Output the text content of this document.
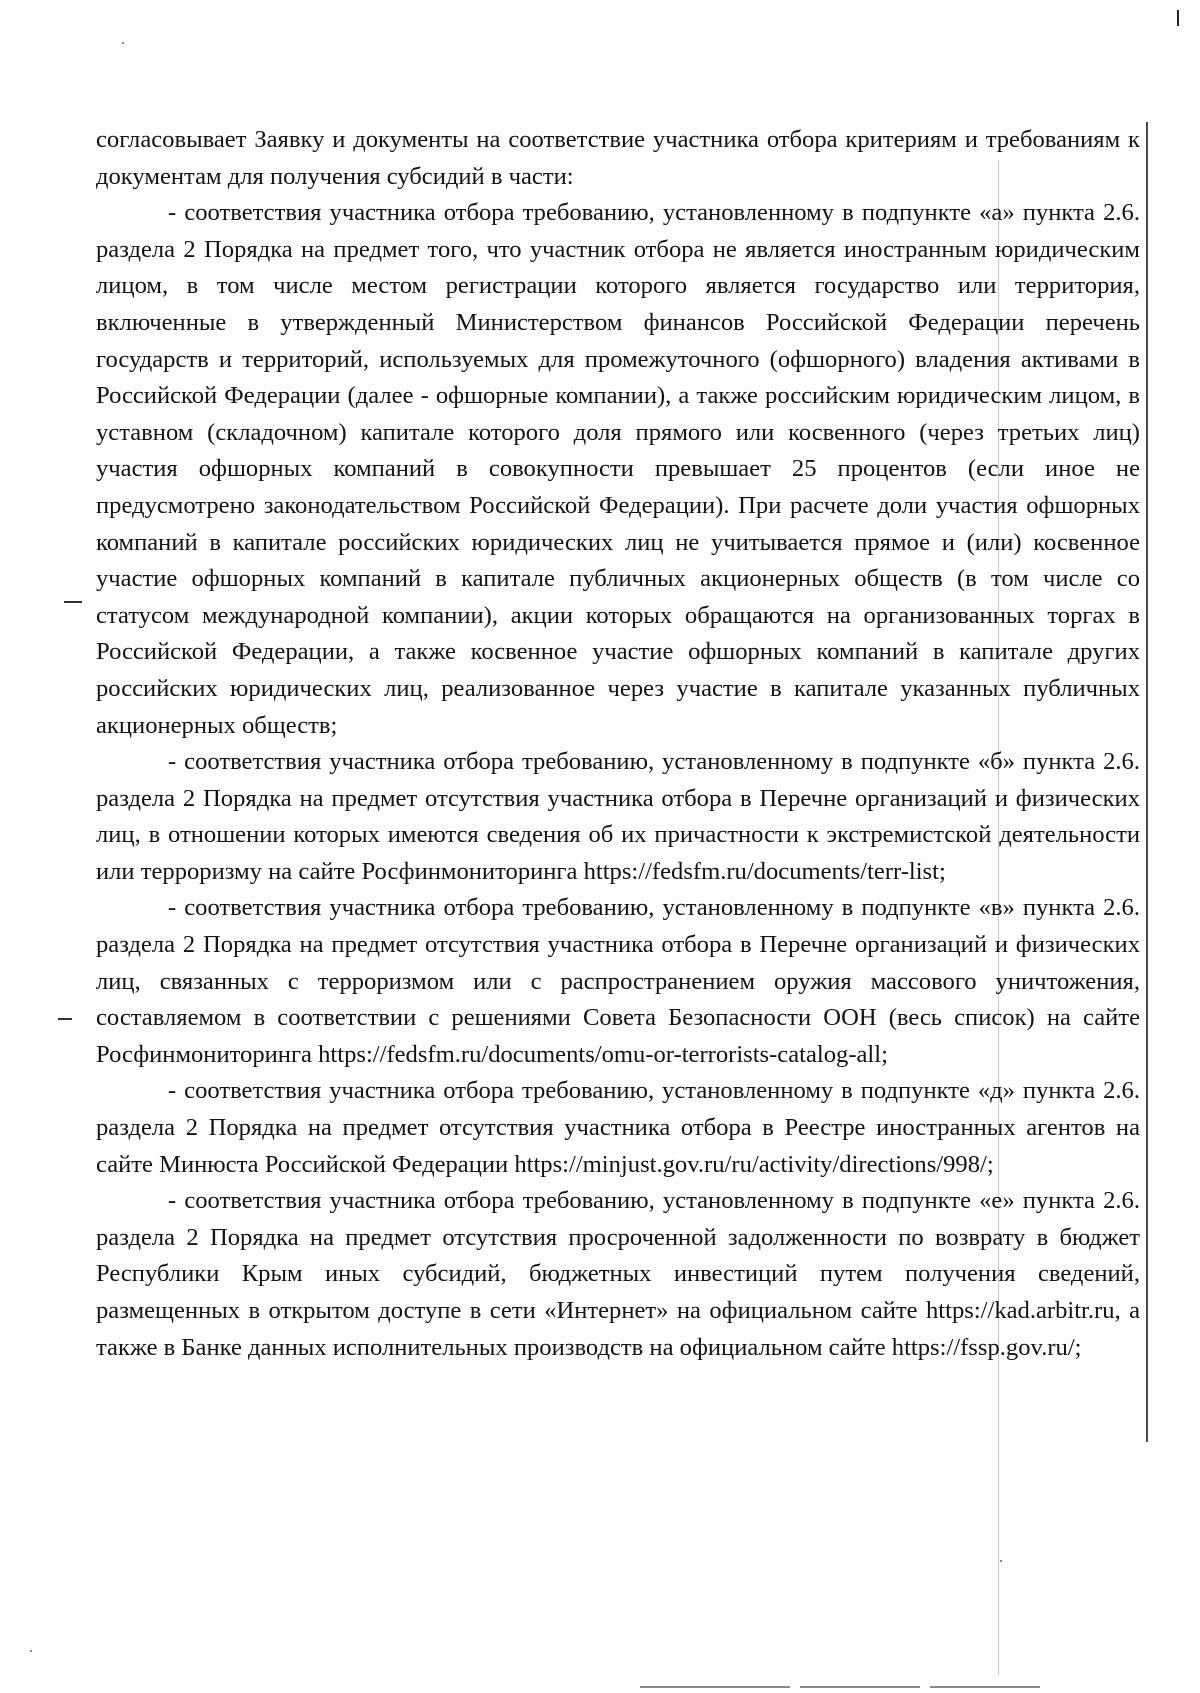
согласовывает Заявку и документы на соответствие участника отбора критериям и требованиям к документам для получения субсидий в части:

- соответствия участника отбора требованию, установленному в подпункте «а» пункта 2.6. раздела 2 Порядка на предмет того, что участник отбора не является иностранным юридическим лицом, в том числе местом регистрации которого является государство или территория, включенные в утвержденный Министерством финансов Российской Федерации перечень государств и территорий, используемых для промежуточного (офшорного) владения активами в Российской Федерации (далее - офшорные компании), а также российским юридическим лицом, в уставном (складочном) капитале которого доля прямого или косвенного (через третьих лиц) участия офшорных компаний в совокупности превышает 25 процентов (если иное не предусмотрено законодательством Российской Федерации). При расчете доли участия офшорных компаний в капитале российских юридических лиц не учитывается прямое и (или) косвенное участие офшорных компаний в капитале публичных акционерных обществ (в том числе со статусом международной компании), акции которых обращаются на организованных торгах в Российской Федерации, а также косвенное участие офшорных компаний в капитале других российских юридических лиц, реализованное через участие в капитале указанных публичных акционерных обществ;

- соответствия участника отбора требованию, установленному в подпункте «б» пункта 2.6. раздела 2 Порядка на предмет отсутствия участника отбора в Перечне организаций и физических лиц, в отношении которых имеются сведения об их причастности к экстремистской деятельности или терроризму на сайте Росфинмониторинга https://fedsfm.ru/documents/terr-list;

- соответствия участника отбора требованию, установленному в подпункте «в» пункта 2.6. раздела 2 Порядка на предмет отсутствия участника отбора в Перечне организаций и физических лиц, связанных с терроризмом или с распространением оружия массового уничтожения, составляемом в соответствии с решениями Совета Безопасности ООН (весь список) на сайте Росфинмониторинга https://fedsfm.ru/documents/omu-or-terrorists-catalog-all;

- соответствия участника отбора требованию, установленному в подпункте «д» пункта 2.6. раздела 2 Порядка на предмет отсутствия участника отбора в Реестре иностранных агентов на сайте Минюста Российской Федерации https://minjust.gov.ru/ru/activity/directions/998/;

- соответствия участника отбора требованию, установленному в подпункте «е» пункта 2.6. раздела 2 Порядка на предмет отсутствия просроченной задолженности по возврату в бюджет Республики Крым иных субсидий, бюджетных инвестиций путем получения сведений, размещенных в открытом доступе в сети «Интернет» на официальном сайте https://kad.arbitr.ru, а также в Банке данных исполнительных производств на официальном сайте https://fssp.gov.ru/;
